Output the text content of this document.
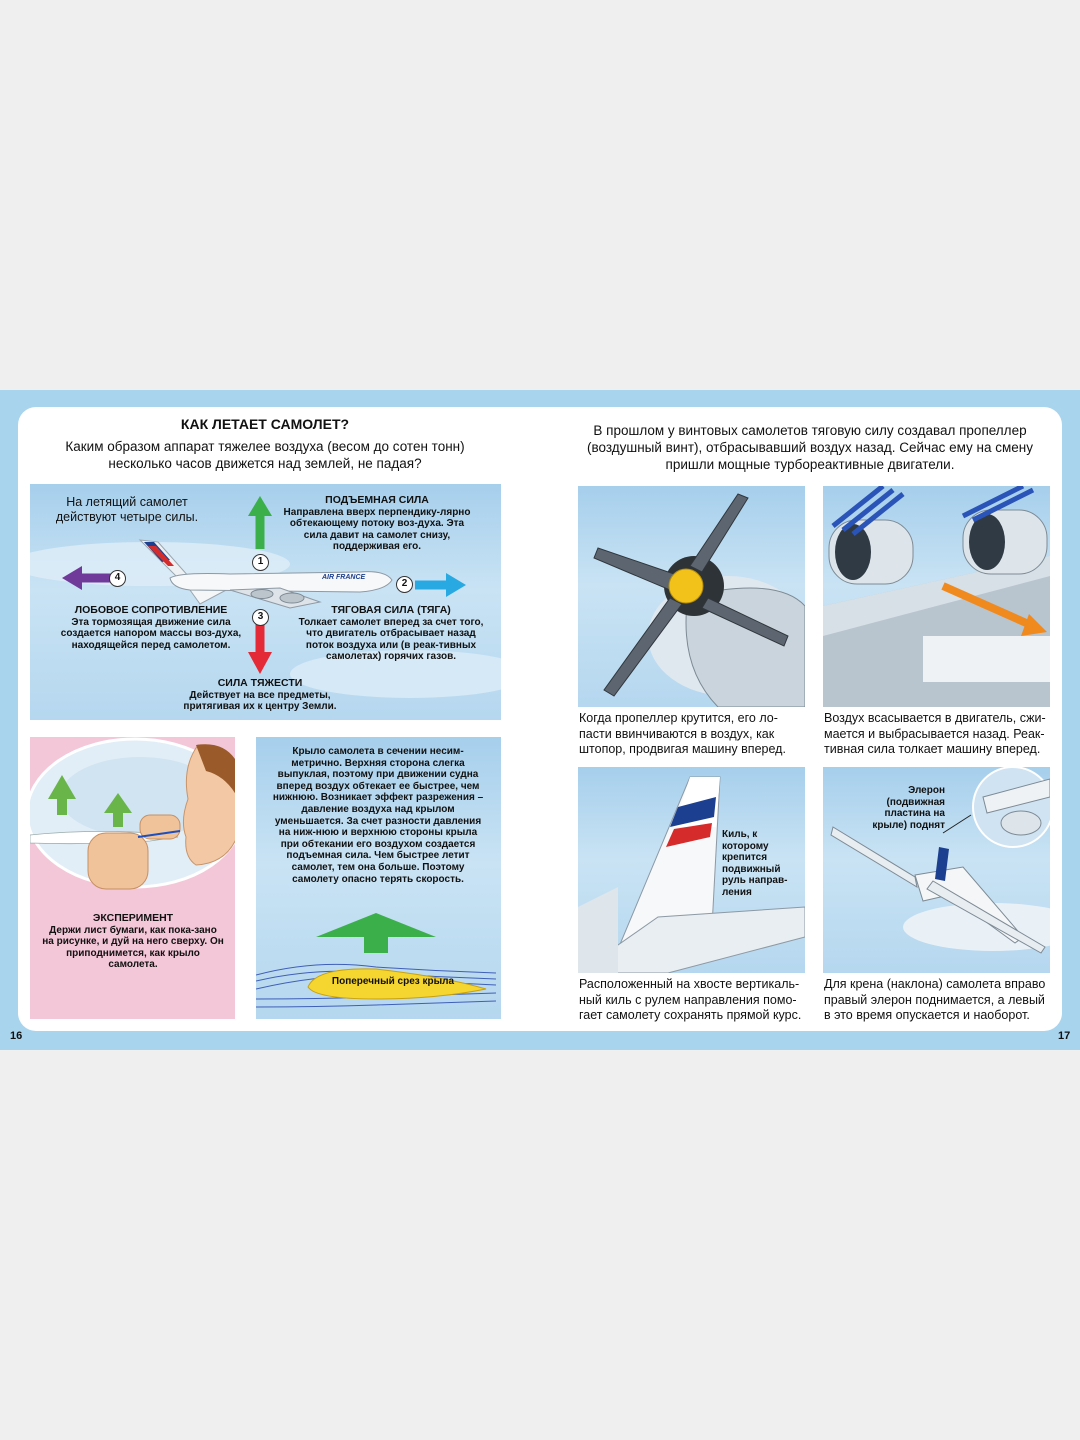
КАК ЛЕТАЕТ САМОЛЕТ?
Каким образом аппарат тяжелее воздуха (весом до сотен тонн) несколько часов движется над землей, не падая?
AIR FRANCE
1
2
3
4
На летящий самолет действуют четыре силы.
ПОДЪЕМНАЯ СИЛА
Направлена вверх перпендику-лярно обтекающему потоку воз-духа. Эта сила давит на самолет снизу, поддерживая его.
ЛОБОВОЕ СОПРОТИВЛЕНИЕ
Эта тормозящая движение сила создается напором массы воз-духа, находящейся перед самолетом.
ТЯГОВАЯ СИЛА (ТЯГА)
Толкает самолет вперед за счет того, что двигатель отбрасывает назад поток воздуха или (в реак-тивных самолетах) горячих газов.
СИЛА ТЯЖЕСТИ
Действует на все предметы, притягивая их к центру Земли.
ЭКСПЕРИМЕНТ
Держи лист бумаги, как пока-зано на рисунке, и дуй на него сверху. Он приподнимется, как крыло самолета.
Крыло самолета в сечении несим-метрично. Верхняя сторона слегка выпуклая, поэтому при движении судна вперед воздух обтекает ее быстрее, чем нижнюю. Возникает эффект разрежения – давление воздуха над крылом уменьшается. За счет разности давления на ниж-нюю и верхнюю стороны крыла при обтекании его воздухом создается подъемная сила. Чем быстрее летит самолет, тем она больше. Поэтому самолету опасно терять скорость.
Поперечный срез крыла
16
В прошлом у винтовых самолетов тяговую силу создавал пропеллер (воздушный винт), отбрасывавший воздух назад. Сейчас ему на смену пришли мощные турбореактивные двигатели.
Когда пропеллер крутится, его ло-пасти ввинчиваются в воздух, как штопор, продвигая машину вперед.
Воздух всасывается в двигатель, сжи-мается и выбрасывается назад. Реак-тивная сила толкает машину вперед.
Киль, к которому крепится подвижный руль направ-ления
Расположенный на хвосте вертикаль-ный киль с рулем направления помо-гает самолету сохранять прямой курс.
Элерон (подвижная пластина на крыле) поднят
Для крена (наклона) самолета вправо правый элерон поднимается, а левый в это время опускается и наоборот.
17
